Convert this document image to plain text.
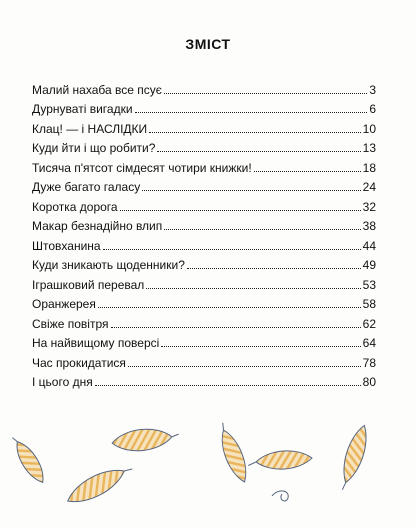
ЗМІСТ
Малий нахаба все псує	3
Дурнуваті вигадки	6
Клац! — і НАСЛІДКИ	10
Куди йти і що робити?	13
Тисяча п'ятсот сімдесят чотири книжки!	18
Дуже багато галасу	24
Коротка дорога	32
Макар безнадійно влип	38
Штовханина	44
Куди зникають щоденники?	49
Іграшковий перевал	53
Оранжерея	58
Свіже повітря	62
На найвищому поверсі	64
Час прокидатися	78
І цього дня	80
